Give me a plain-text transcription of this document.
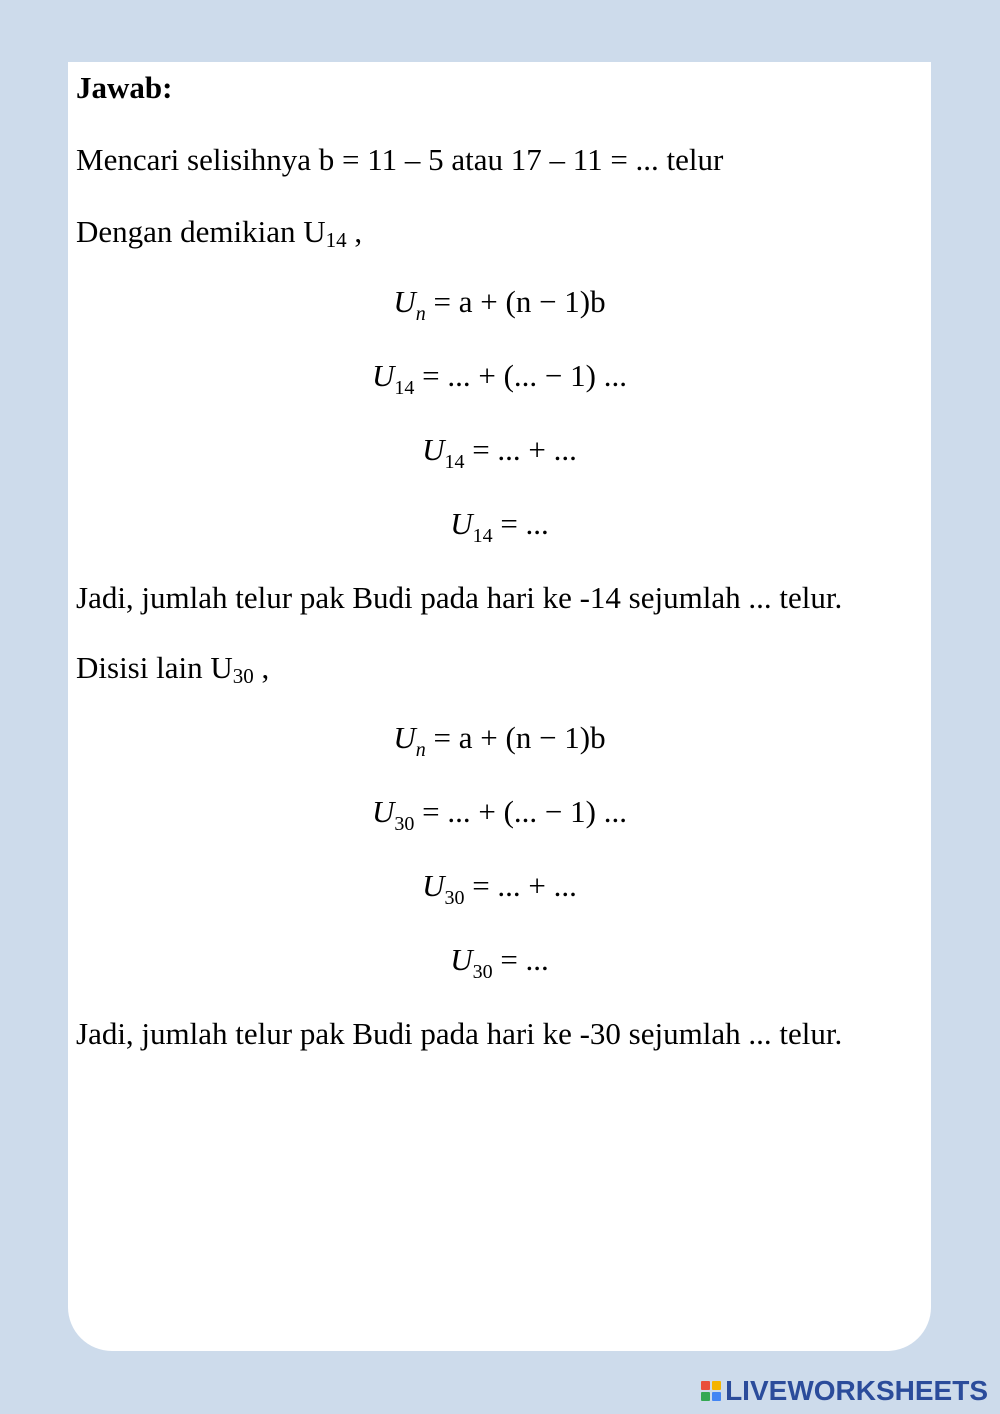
Jawab:
Mencari selisihnya b = 11 – 5 atau 17 – 11 = ... telur
Dengan demikian U14 ,
$U_n = a + (n - 1)b$
$U_{14}$ = ... + (... − 1) ...
$U_{14}$ = ... + ...
$U_{14}$ = ...
Jadi, jumlah telur pak Budi pada hari ke -14 sejumlah ... telur.
Disisi lain U30 ,
$U_n = a + (n - 1)b$
$U_{30}$ = ... + (... − 1) ...
$U_{30}$ = ... + ...
$U_{30}$ = ...
Jadi, jumlah telur pak Budi pada hari ke -30 sejumlah ... telur.
LIVEWORKSHEETS
